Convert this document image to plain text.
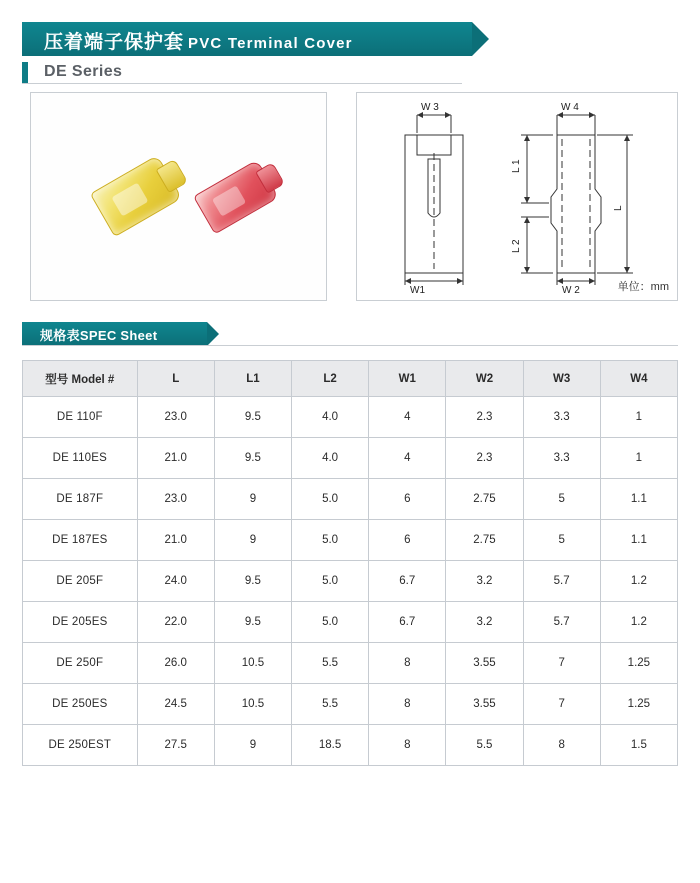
压着端子保护套 PVC Terminal Cover
DE Series
W 3	W 4
W1	W 2
L 1
L 2
L
单位：mm
规格表SPEC Sheet
型号 Model #	L	L1	L2	W1	W2	W3	W4
DE 110F	23.0	9.5	4.0	4	2.3	3.3	1
DE 110ES	21.0	9.5	4.0	4	2.3	3.3	1
DE 187F	23.0	9	5.0	6	2.75	5	1.1
DE 187ES	21.0	9	5.0	6	2.75	5	1.1
DE 205F	24.0	9.5	5.0	6.7	3.2	5.7	1.2
DE 205ES	22.0	9.5	5.0	6.7	3.2	5.7	1.2
DE 250F	26.0	10.5	5.5	8	3.55	7	1.25
DE 250ES	24.5	10.5	5.5	8	3.55	7	1.25
DE 250EST	27.5	9	18.5	8	5.5	8	1.5
